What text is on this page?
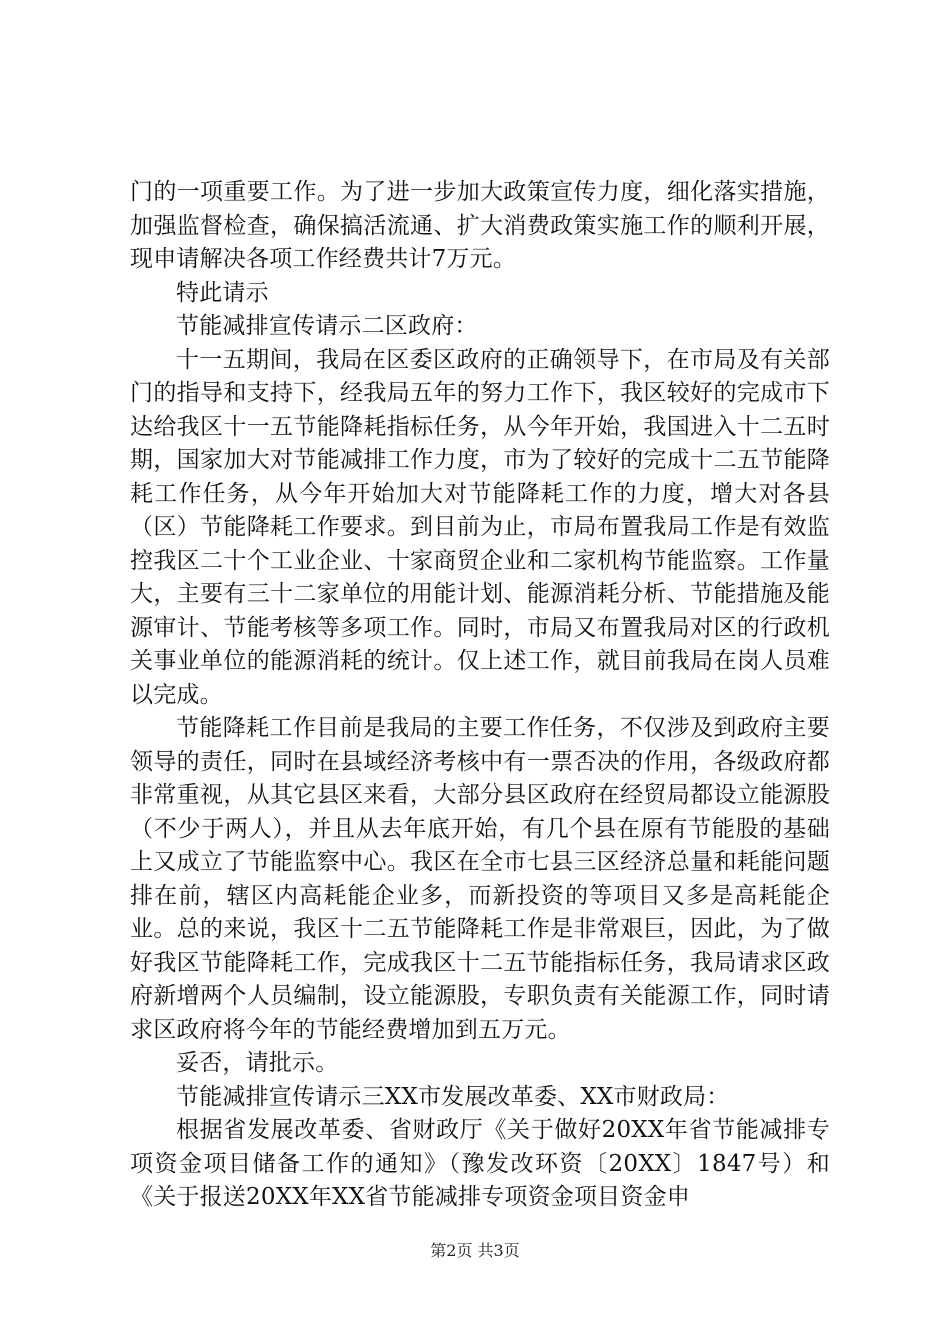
门的一项重要工作。为了进一步加大政策宣传力度，细化落实措施，加强监督检查，确保搞活流通、扩大消费政策实施工作的顺利开展，现申请解决各项工作经费共计7万元。

特此请示

节能减排宣传请示二区政府：

十一五期间，我局在区委区政府的正确领导下，在市局及有关部门的指导和支持下，经我局五年的努力工作下，我区较好的完成市下达给我区十一五节能降耗指标任务，从今年开始，我国进入十二五时期，国家加大对节能减排工作力度，市为了较好的完成十二五节能降耗工作任务，从今年开始加大对节能降耗工作的力度，增大对各县（区）节能降耗工作要求。到目前为止，市局布置我局工作是有效监控我区二十个工业企业、十家商贸企业和二家机构节能监察。工作量大，主要有三十二家单位的用能计划、能源消耗分析、节能措施及能源审计、节能考核等多项工作。同时，市局又布置我局对区的行政机关事业单位的能源消耗的统计。仅上述工作，就目前我局在岗人员难以完成。

节能降耗工作目前是我局的主要工作任务，不仅涉及到政府主要领导的责任，同时在县域经济考核中有一票否决的作用，各级政府都非常重视，从其它县区来看，大部分县区政府在经贸局都设立能源股（不少于两人），并且从去年底开始，有几个县在原有节能股的基础上又成立了节能监察中心。我区在全市七县三区经济总量和耗能问题排在前，辖区内高耗能企业多，而新投资的等项目又多是高耗能企业。总的来说，我区十二五节能降耗工作是非常艰巨，因此，为了做好我区节能降耗工作，完成我区十二五节能指标任务，我局请求区政府新增两个人员编制，设立能源股，专职负责有关能源工作，同时请求区政府将今年的节能经费增加到五万元。

妥否，请批示。

节能减排宣传请示三XX市发展改革委、XX市财政局：

根据省发展改革委、省财政厅《关于做好20XX年省节能减排专项资金项目储备工作的通知》（豫发改环资〔20XX〕1847号）和《关于报送20XX年XX省节能减排专项资金项目资金申

第2页 共3页
